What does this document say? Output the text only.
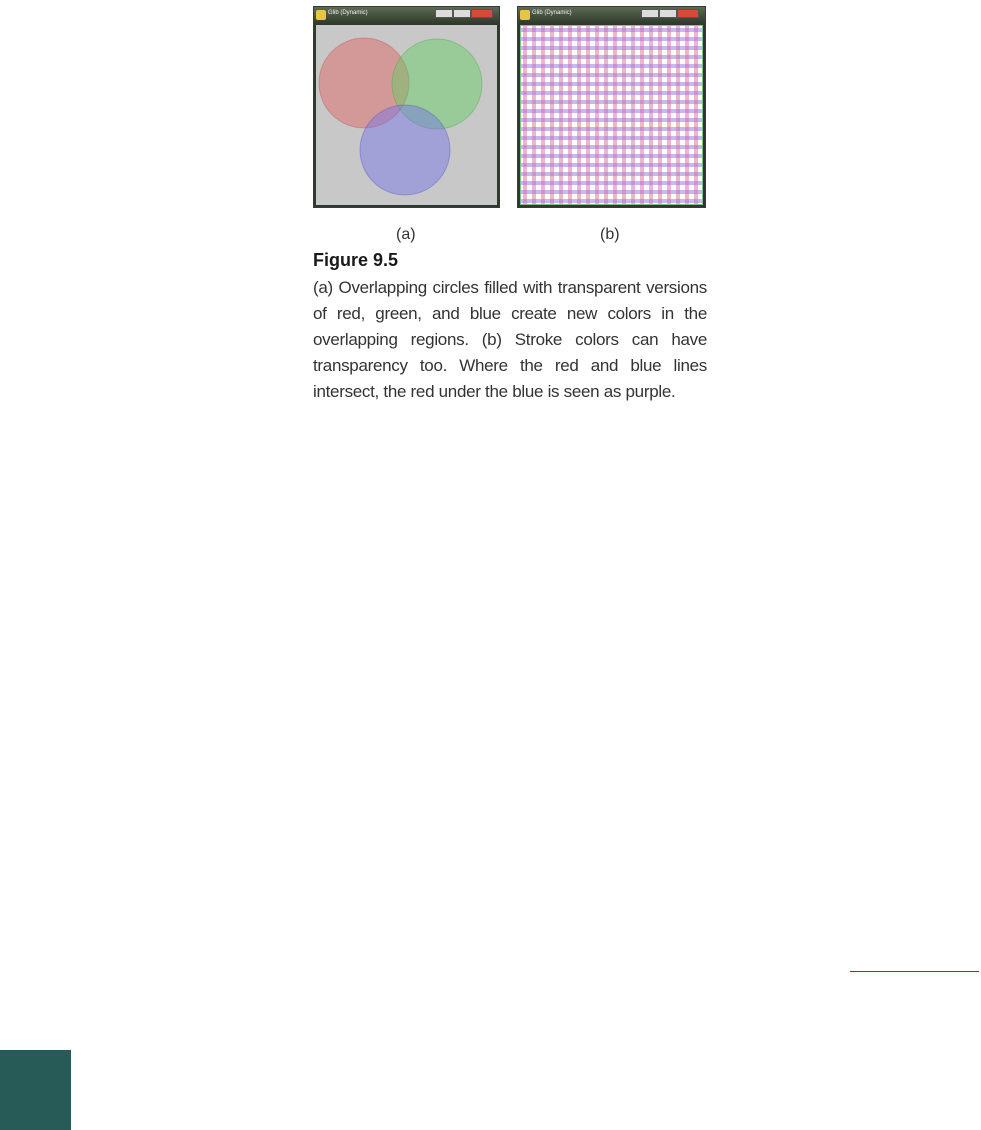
Glib (Dynamic)	Glib (Dynamic)
(a)	(b)
Figure 9.5
(a) Overlapping circles filled with transparent versions of red, green, and blue create new colors in the overlapping regions. (b) Stroke colors can have transparency too. Where the red and blue lines intersect, the red under the blue is seen as purple.
